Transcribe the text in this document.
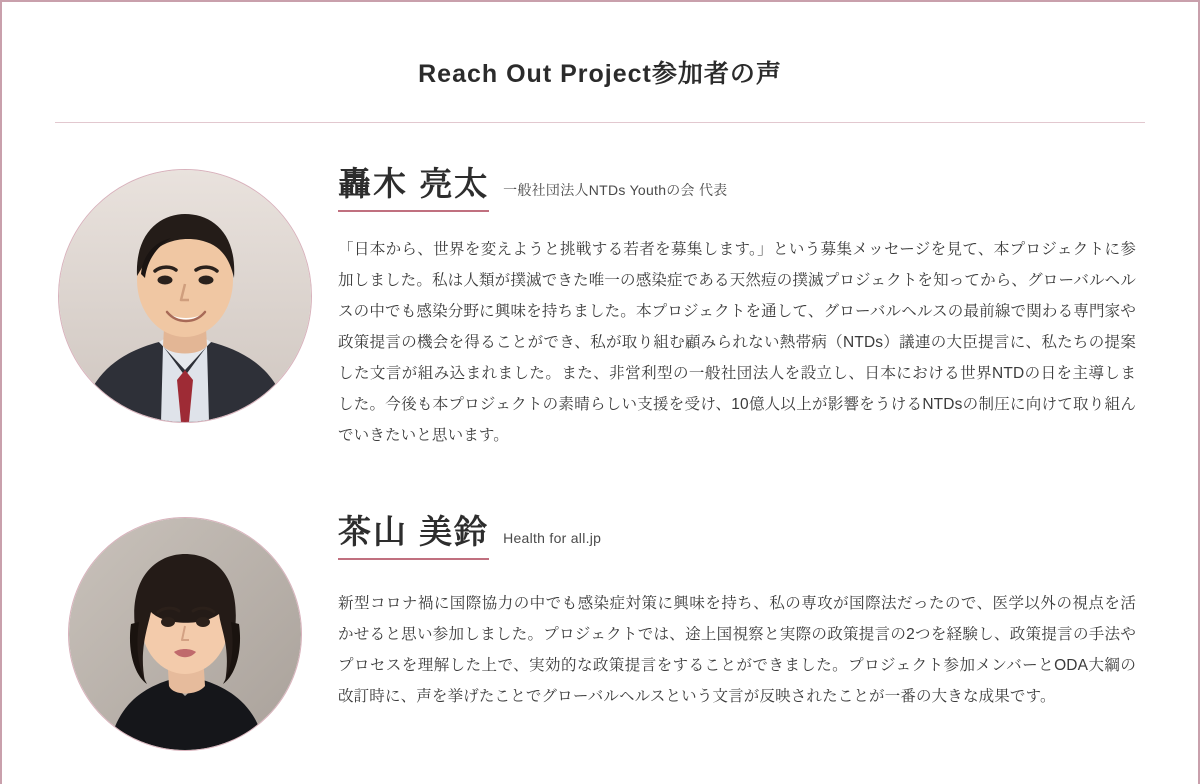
Reach Out Project参加者の声
轟木 亮太 一般社団法人NTDs Youthの会 代表

「日本から、世界を変えようと挑戦する若者を募集します。」という募集メッセージを見て、本プロジェクトに参加しました。私は人類が撲滅できた唯一の感染症である天然痘の撲滅プロジェクトを知ってから、グローバルヘルスの中でも感染分野に興味を持ちました。本プロジェクトを通して、グローバルヘルスの最前線で関わる専門家や政策提言の機会を得ることができ、私が取り組む顧みられない熱帯病（NTDs）議連の大臣提言に、私たちの提案した文言が組み込まれました。また、非営利型の一般社団法人を設立し、日本における世界NTDの日を主導しました。今後も本プロジェクトの素晴らしい支援を受け、10億人以上が影響をうけるNTDsの制圧に向けて取り組んでいきたいと思います。

茶山 美鈴 Health for all.jp

新型コロナ禍に国際協力の中でも感染症対策に興味を持ち、私の専攻が国際法だったので、医学以外の視点を活かせると思い参加しました。プロジェクトでは、途上国視察と実際の政策提言の2つを経験し、政策提言の手法やプロセスを理解した上で、実効的な政策提言をすることができました。プロジェクト参加メンバーとODA大綱の改訂時に、声を挙げたことでグローバルヘルスという文言が反映されたことが一番の大きな成果です。
